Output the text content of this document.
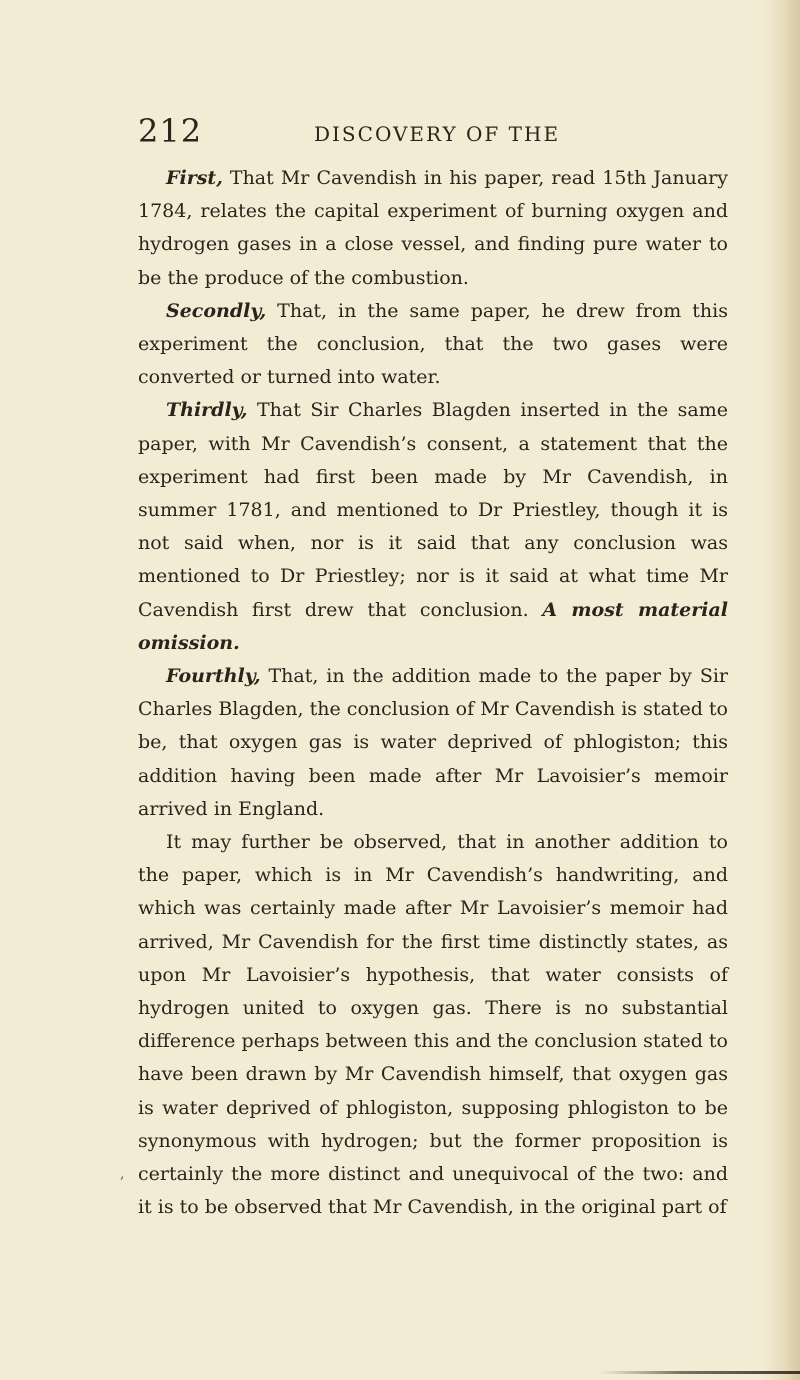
212	DISCOVERY OF THE
,

First, That Mr Cavendish in his paper, read 15th January 1784, relates the capital experiment of burning oxygen and hydrogen gases in a close vessel, and finding pure water to be the produce of the combustion.

Secondly, That, in the same paper, he drew from this experiment the conclusion, that the two gases were converted or turned into water.

Thirdly, That Sir Charles Blagden inserted in the same paper, with Mr Cavendish’s consent, a statement that the experiment had first been made by Mr Cavendish, in summer 1781, and mentioned to Dr Priestley, though it is not said when, nor is it said that any conclusion was mentioned to Dr Priestley; nor is it said at what time Mr Cavendish first drew that conclusion. A most material omission.

Fourthly, That, in the addition made to the paper by Sir Charles Blagden, the conclusion of Mr Cavendish is stated to be, that oxygen gas is water deprived of phlogiston; this addition having been made after Mr Lavoisier’s memoir arrived in England.

It may further be observed, that in another addition to the paper, which is in Mr Cavendish’s handwriting, and which was certainly made after Mr Lavoisier’s memoir had arrived, Mr Cavendish for the first time distinctly states, as upon Mr Lavoisier’s hypothesis, that water consists of hydrogen united to oxygen gas. There is no substantial difference perhaps between this and the conclusion stated to have been drawn by Mr Cavendish himself, that oxygen gas is water deprived of phlogiston, supposing phlogiston to be synonymous with hydrogen; but the former proposition is certainly the more distinct and unequivocal of the two: and it is to be observed that Mr Cavendish, in the original part of
